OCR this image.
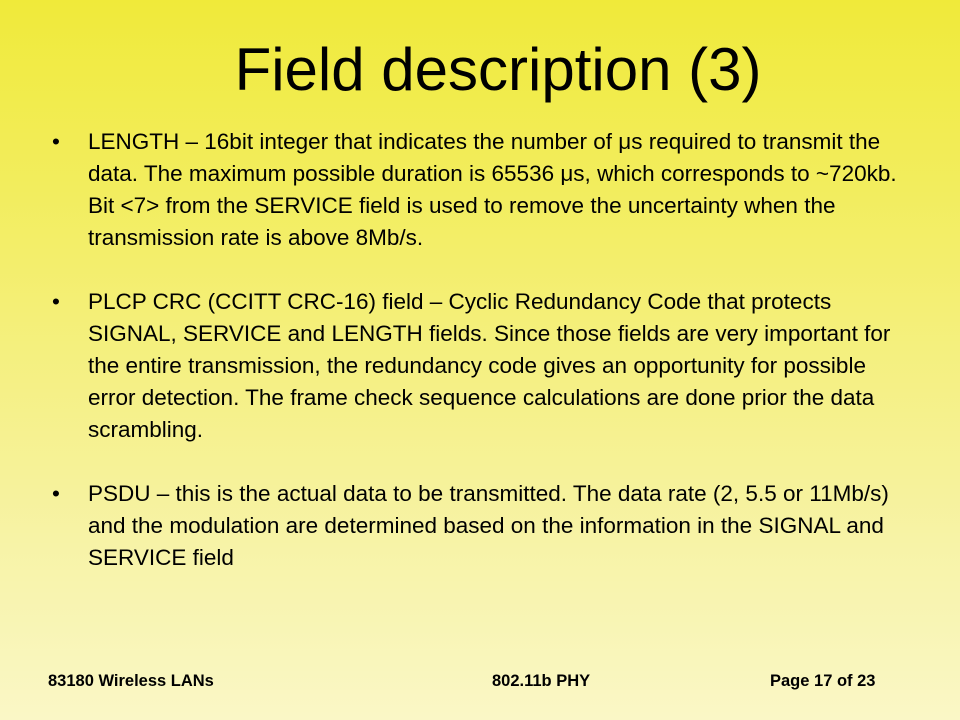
Field description (3)
• LENGTH – 16bit integer that indicates the number of μs required to transmit the data. The maximum possible duration is 65536 μs, which corresponds to ~720kb. Bit <7> from the SERVICE field is used to remove the uncertainty when the transmission rate is above 8Mb/s.
• PLCP CRC (CCITT CRC-16) field – Cyclic Redundancy Code that protects SIGNAL, SERVICE and LENGTH fields. Since those fields are very important for the entire transmission, the redundancy code gives an opportunity for possible error detection. The frame check sequence calculations are done prior the data scrambling.
• PSDU – this is the actual data to be transmitted. The data rate (2, 5.5 or 11Mb/s) and the modulation are determined based on the information in the SIGNAL and SERVICE field
83180 Wireless LANs	802.11b PHY	Page 17 of 23
